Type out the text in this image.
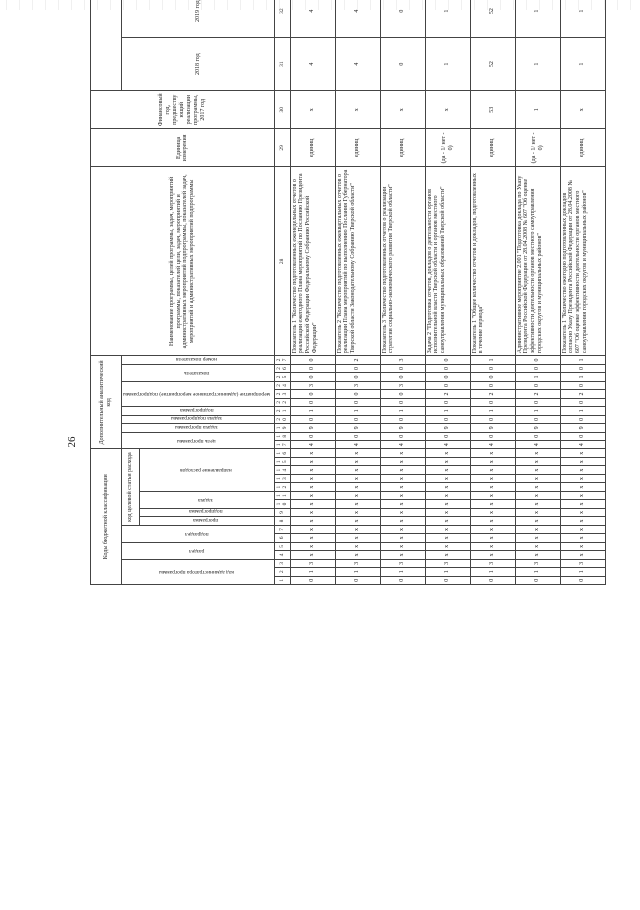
26
Коды бюджетной классификации																Дополнительный аналитический код											Наименование программы, целей программы, задач, мероприятий программы, показателей цели, задач, мероприятий и административных мероприятий подпрограммы, показателей задач, мероприятий и административных мероприятий подпрограммы	Единица измерения	Финансовый год, предшествующий реализации программы, 2017 год		
код администратора программы			раздел		подраздел		код целевой статьи расхода									цель программы		задача программы	задача подпрограммы	подпрограмма	мероприятие (административное мероприятие) подпрограммы			показатель		номер показателя				2018 год	2019 год					
							программа	подпрограмма	задача		направление расходов																									
1	2	3	4	5	6	7	8	9	10	11	12	13	14	15	16	17	18	19	20	21	22	23	24	25	26	27	28	29	30	31	32					
0	1	3	х	х	х	х	х	х	х	х	х	х	х	х	х	4	0	9	0	1	0	0	3	0	0	0	Показатель 1 "Количество подготовленных еженедельных отчетов о реализации ежегодного Плана мероприятий по Посланию Президента Российской Федерации Федеральному Собранию Российской Федерации"	единиц	х	4	4					
0	1	3	х	х	х	х	х	х	х	х	х	х	х	х	х	4	0	9	0	1	0	0	3	0	0	2	Показатель 2 "Количество подготовленных ежеквартальных отчетов о реализации Плана мероприятий по выполнению Послания Губернатора Тверской области Законодательному Собранию Тверской области"	единиц	х	4	4					
0	1	3	х	х	х	х	х	х	х	х	х	х	х	х	х	4	0	9	0	1	0	0	3	0	0	3	Показатель 3 "Количество подготовленных отчетов о реализации стратегии социально-экономического развития Тверской области"	единиц	х	0	0					
0	1	3	х	х	х	х	х	х	х	х	х	х	х	х	х	4	0	9	0	1	0	2	0	0	0	0	Задача 2 "Подготовка отчетов, докладов о деятельности органов исполнительной власти Тверской области и органов местного самоуправления муниципальных образований Тверской области"	(да - 1/ нет - 0)	х	1	1					
0	1	3	х	х	х	х	х	х	х	х	х	х	х	х	х	4	0	9	0	1	0	2	0	0	0	1	Показатель 1 "Общее количество отчетов и докладов, подготовленных в течение периода"	единиц	53	52	52					
0	1	3	х	х	х	х	х	х	х	х	х	х	х	х	х	4	0	9	0	1	0	2	0	1	0	0	Административное мероприятие 2.001 "Подготовка доклада по Указу Президента Российской Федерации от 28.04.2008 № 607 "Об оценке эффективности деятельности органов местного самоуправления городских округов и муниципальных районов"	(да - 1/ нет - 0)	1	1	1					
0	1	3	х	х	х	х	х	х	х	х	х	х	х	х	х	4	0	9	0	1	0	2	0	1	0	1	Показатель 1 "Количество ежегодно подготовленных докладов согласно Указу Президента Российской Федерации от 28.04.2008 № 607 "Об оценке эффективности деятельности органов местного самоуправления городских округов и муниципальных районов"	единиц	х	1	1					
